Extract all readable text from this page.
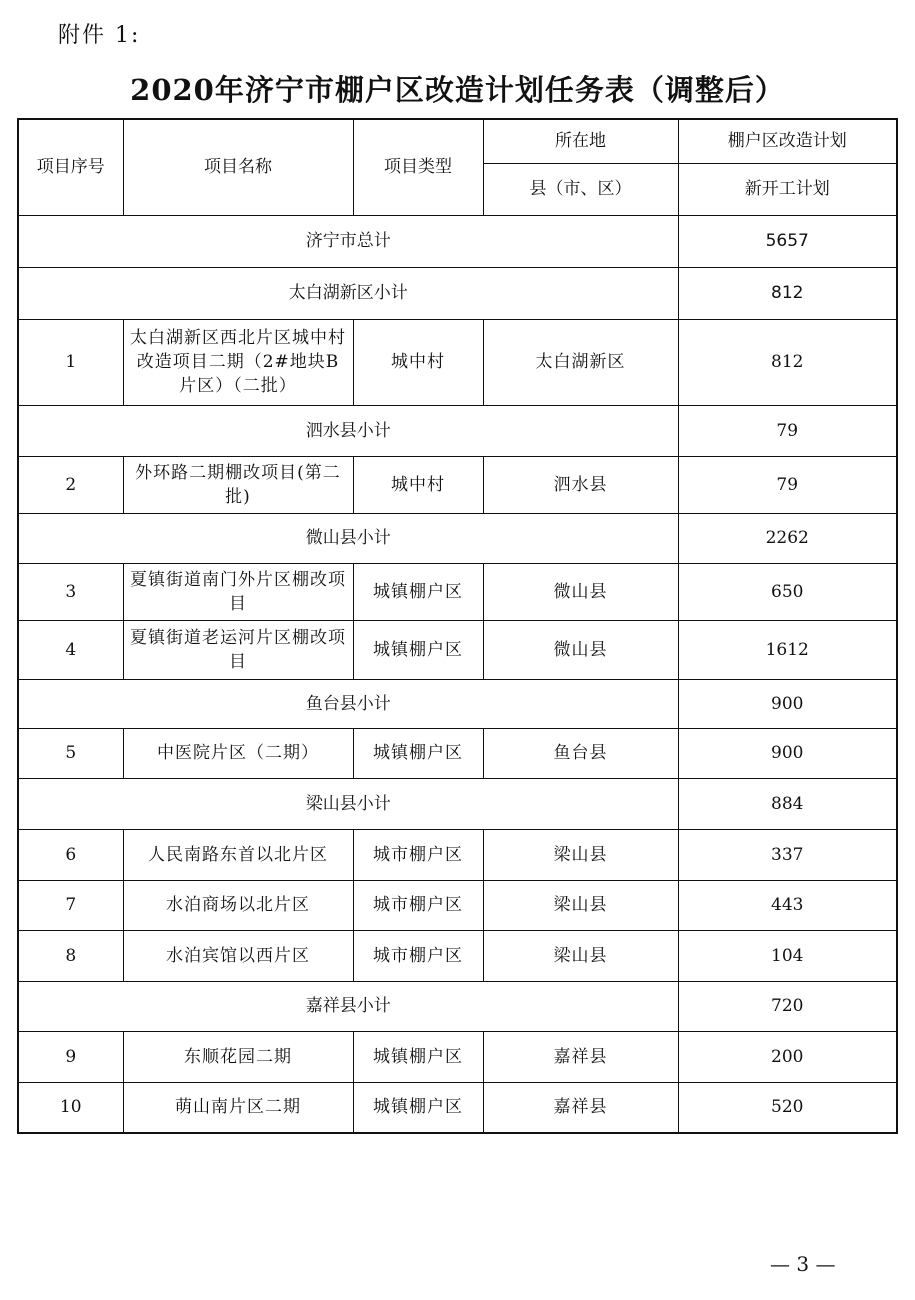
附件 1:
2020年济宁市棚户区改造计划任务表（调整后）
项目序号	项目名称	项目类型	所在地	棚户区改造计划
			县（市、区）	新开工计划
济宁市总计				5657
太白湖新区小计				812
1	太白湖新区西北片区城中村改造项目二期（2#地块B片区）（二批）	城中村	太白湖新区	812
泗水县小计				79
2	外环路二期棚改项目(第二批)	城中村	泗水县	79
微山县小计				2262
3	夏镇街道南门外片区棚改项目	城镇棚户区	微山县	650
4	夏镇街道老运河片区棚改项目	城镇棚户区	微山县	1612
鱼台县小计				900
5	中医院片区（二期）	城镇棚户区	鱼台县	900
梁山县小计				884
6	人民南路东首以北片区	城市棚户区	梁山县	337
7	水泊商场以北片区	城市棚户区	梁山县	443
8	水泊宾馆以西片区	城市棚户区	梁山县	104
嘉祥县小计				720
9	东顺花园二期	城镇棚户区	嘉祥县	200
10	萌山南片区二期	城镇棚户区	嘉祥县	520
— 3 —
